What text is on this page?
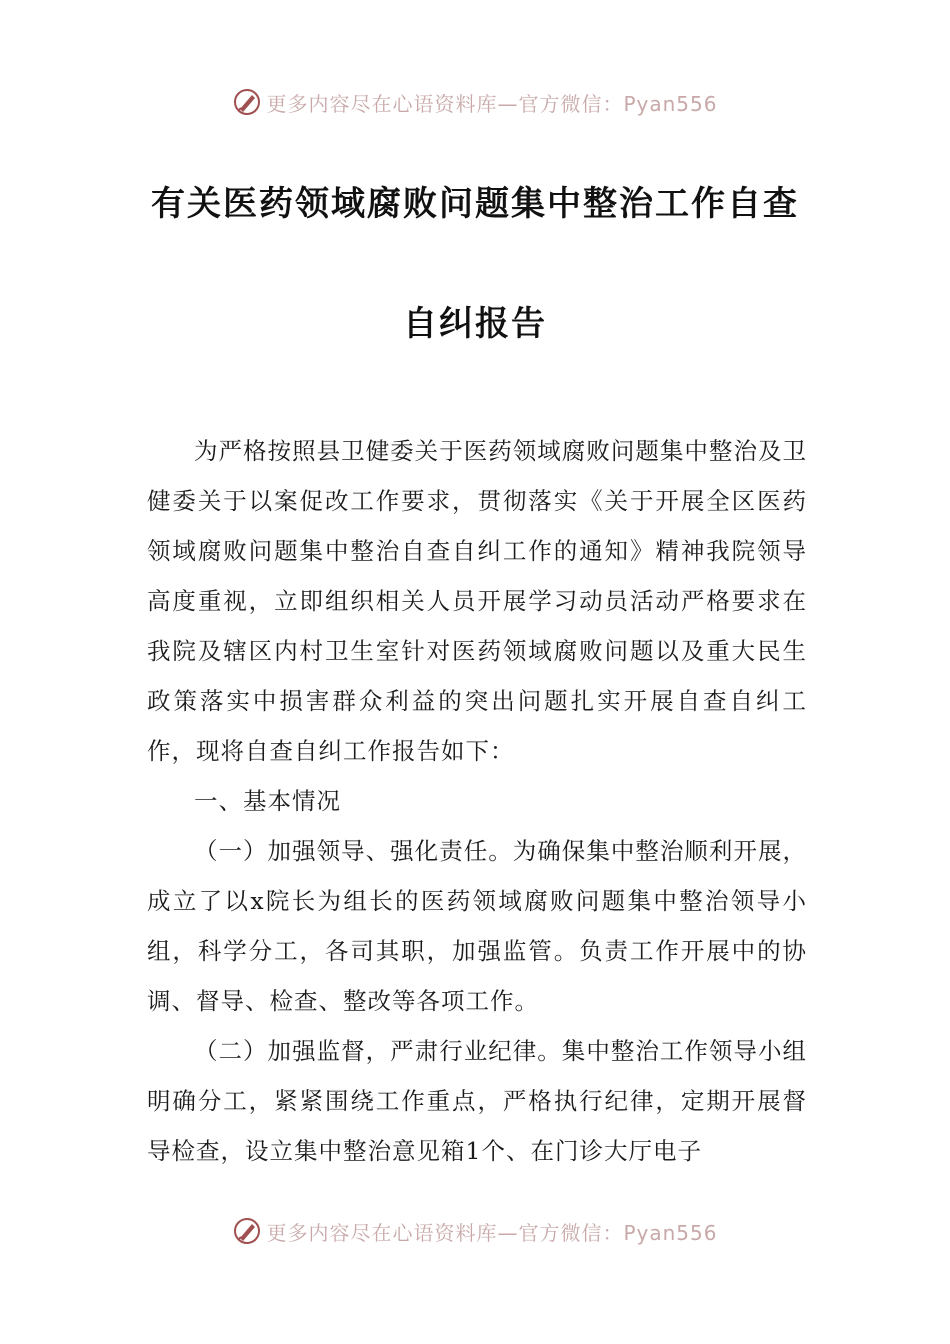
更多内容尽在心语资料库—官方微信：Pyan556
有关医药领域腐败问题集中整治工作自查
自纠报告

为严格按照县卫健委关于医药领域腐败问题集中整治及卫健委关于以案促改工作要求，贯彻落实《关于开展全区医药领域腐败问题集中整治自查自纠工作的通知》精神我院领导高度重视，立即组织相关人员开展学习动员活动严格要求在我院及辖区内村卫生室针对医药领域腐败问题以及重大民生政策落实中损害群众利益的突出问题扎实开展自查自纠工作，现将自查自纠工作报告如下：

一、基本情况

（一）加强领导、强化责任。为确保集中整治顺利开展，成立了以x院长为组长的医药领域腐败问题集中整治领导小组，科学分工，各司其职，加强监管。负责工作开展中的协调、督导、检查、整改等各项工作。

（二）加强监督，严肃行业纪律。集中整治工作领导小组明确分工，紧紧围绕工作重点，严格执行纪律，定期开展督导检查，设立集中整治意见箱1个、在门诊大厅电子

更多内容尽在心语资料库—官方微信：Pyan556
